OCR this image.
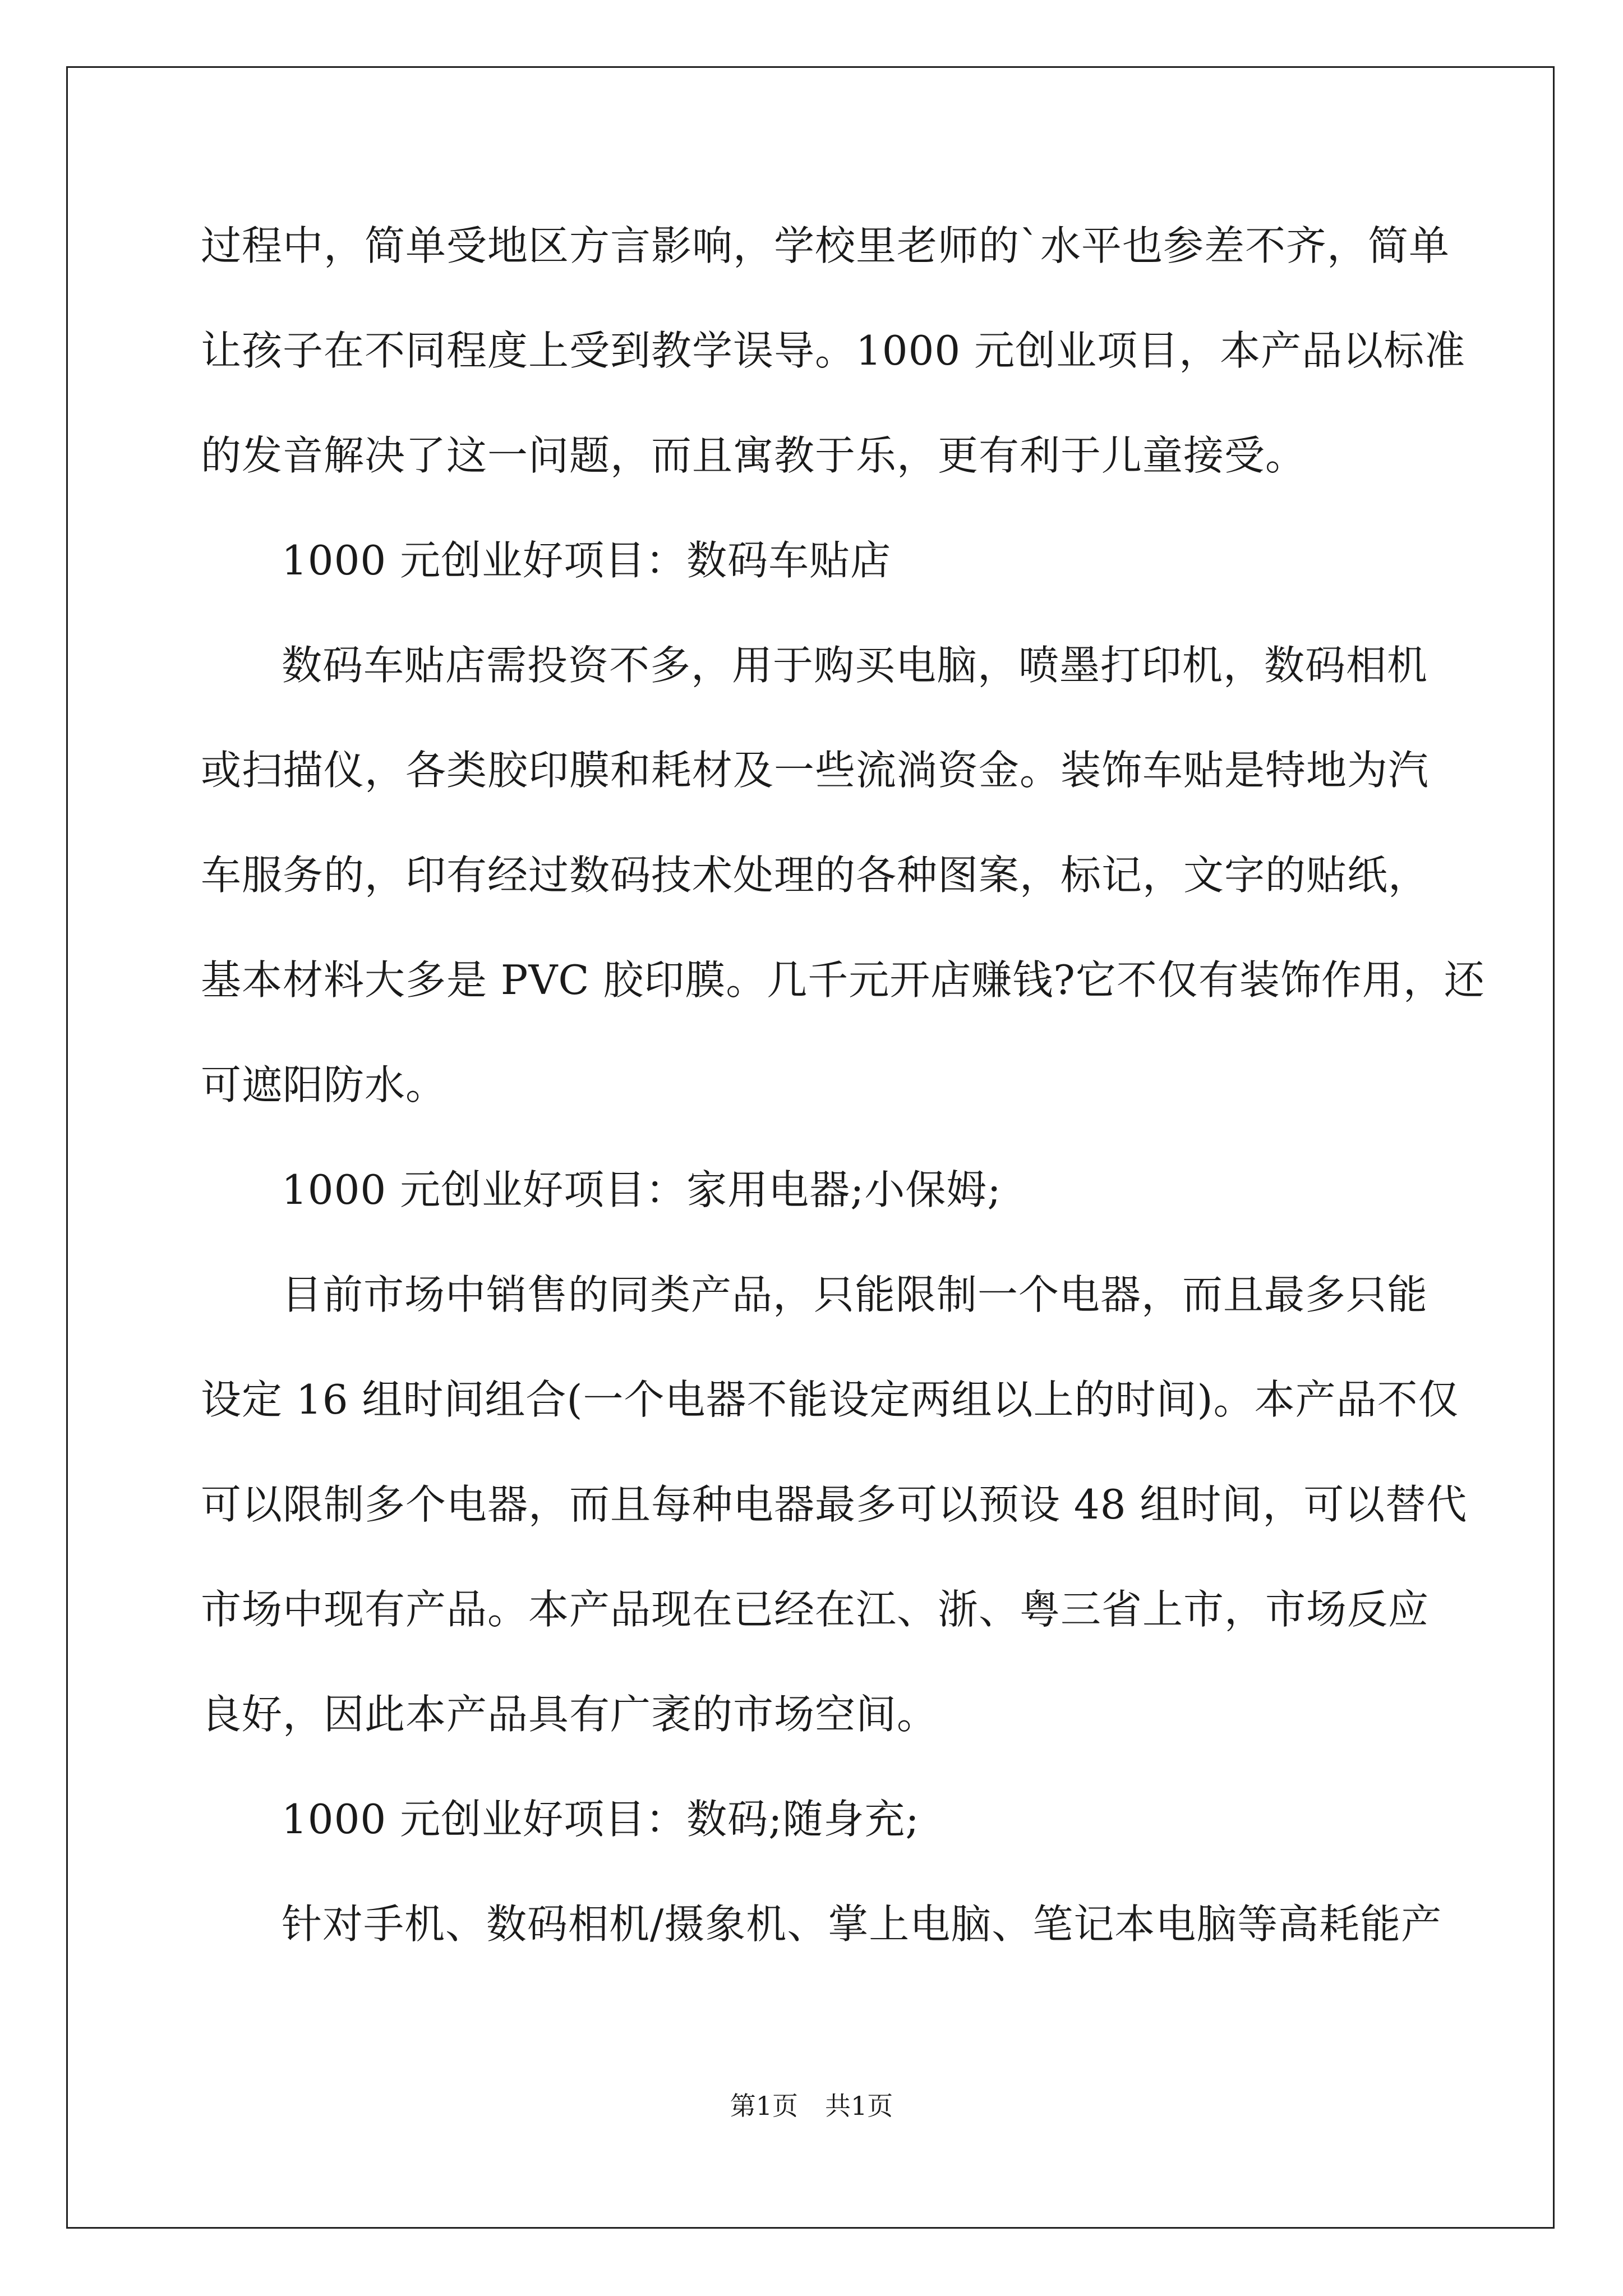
过程中，简单受地区方言影响，学校里老师的`水平也参差不齐，简单
让孩子在不同程度上受到教学误导。1000 元创业项目，本产品以标准
的发音解决了这一问题，而且寓教于乐，更有利于儿童接受。
1000 元创业好项目：数码车贴店
数码车贴店需投资不多，用于购买电脑，喷墨打印机，数码相机
或扫描仪，各类胶印膜和耗材及一些流淌资金。装饰车贴是特地为汽
车服务的，印有经过数码技术处理的各种图案，标记，文字的贴纸，
基本材料大多是 PVC 胶印膜。几千元开店赚钱?它不仅有装饰作用，还
可遮阳防水。
1000 元创业好项目：家用电器;小保姆;
目前市场中销售的同类产品，只能限制一个电器，而且最多只能
设定 16 组时间组合(一个电器不能设定两组以上的时间)。本产品不仅
可以限制多个电器，而且每种电器最多可以预设 48 组时间，可以替代
市场中现有产品。本产品现在已经在江、浙、粤三省上市，市场反应
良好，因此本产品具有广袤的市场空间。
1000 元创业好项目：数码;随身充;
针对手机、数码相机/摄象机、掌上电脑、笔记本电脑等高耗能产
第1页 共1页
